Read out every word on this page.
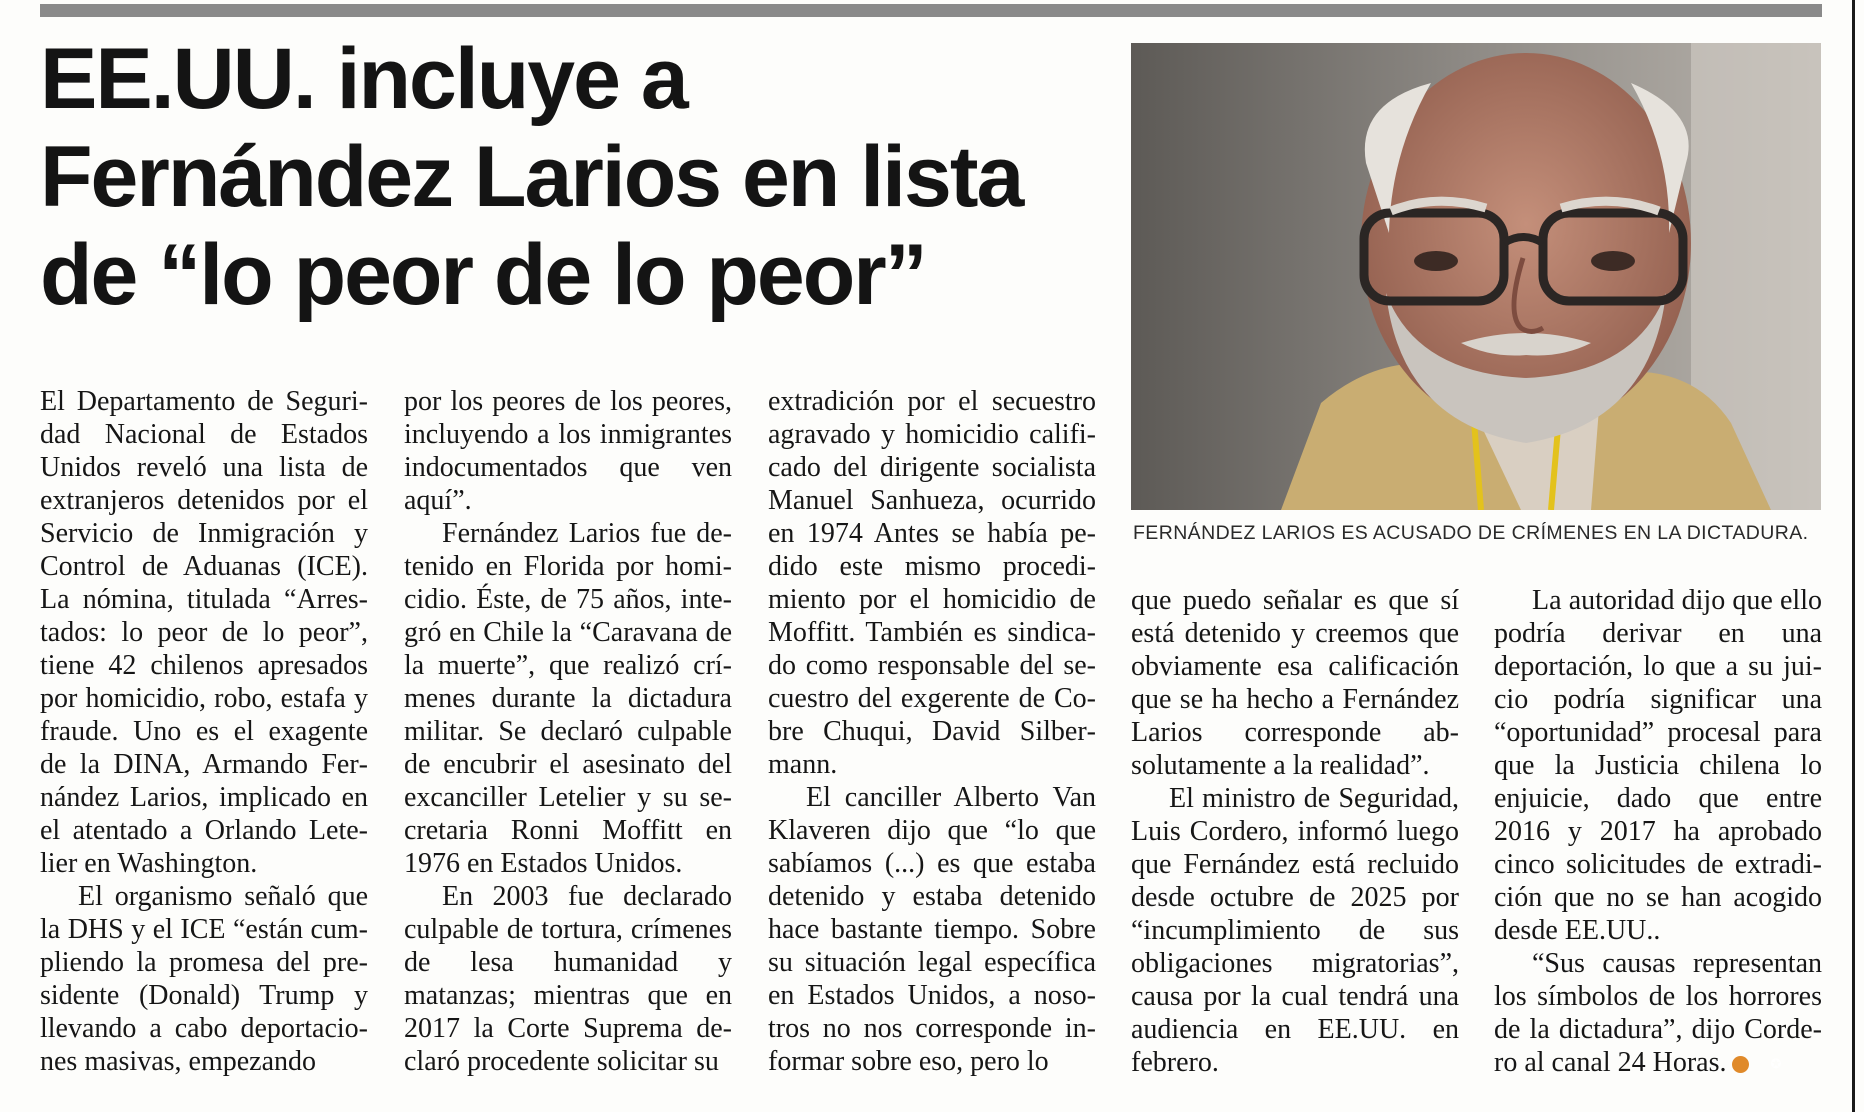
EE.UU. incluye a Fernández Larios en lista de “lo peor de lo peor”
FERNÁNDEZ LARIOS ES ACUSADO DE CRÍMENES EN LA DICTADURA.

El Departamento de Seguridad Nacional de Estados Unidos reveló una lista de extranjeros detenidos por el Servicio de Inmigración y Control de Aduanas (ICE). La nómina, titulada “Arrestados: lo peor de lo peor”, tiene 42 chilenos apresados por homicidio, robo, estafa y fraude. Uno es el exagente de la DINA, Armando Fernández Larios, implicado en el atentado a Orlando Letelier en Washington.

El organismo señaló que la DHS y el ICE “están cumpliendo la promesa del presidente (Donald) Trump y llevando a cabo deportaciones masivas, empezando

por los peores de los peores, incluyendo a los inmigrantes indocumentados que ven aquí”.

Fernández Larios fue detenido en Florida por homicidio. Éste, de 75 años, integró en Chile la “Caravana de la muerte”, que realizó crímenes durante la dictadura militar. Se declaró culpable de encubrir el asesinato del excanciller Letelier y su secretaria Ronni Moffitt en 1976 en Estados Unidos.

En 2003 fue declarado culpable de tortura, crímenes de lesa humanidad y matanzas; mientras que en 2017 la Corte Suprema declaró procedente solicitar su

extradición por el secuestro agravado y homicidio calificado del dirigente socialista Manuel Sanhueza, ocurrido en 1974 Antes se había pedido este mismo procedimiento por el homicidio de Moffitt. También es sindicado como responsable del secuestro del exgerente de Cobre Chuqui, David Silbermann.

El canciller Alberto Van Klaveren dijo que “lo que sabíamos (...) es que estaba detenido y estaba detenido hace bastante tiempo. Sobre su situación legal específica en Estados Unidos, a nosotros no nos corresponde informar sobre eso, pero lo

que puedo señalar es que sí está detenido y creemos que obviamente esa calificación que se ha hecho a Fernández Larios corresponde absolutamente a la realidad”.

El ministro de Seguridad, Luis Cordero, informó luego que Fernández está recluido desde octubre de 2025 por “incumplimiento de sus obligaciones migratorias”, causa por la cual tendrá una audiencia en EE.UU. en febrero.

La autoridad dijo que ello podría derivar en una deportación, lo que a su juicio podría significar una “oportunidad” procesal para que la Justicia chilena lo enjuicie, dado que entre 2016 y 2017 ha aprobado cinco solicitudes de extradición que no se han acogido desde EE.UU..

“Sus causas representan los símbolos de los horrores de la dictadura”, dijo Cordero al canal 24 Horas.	✪
